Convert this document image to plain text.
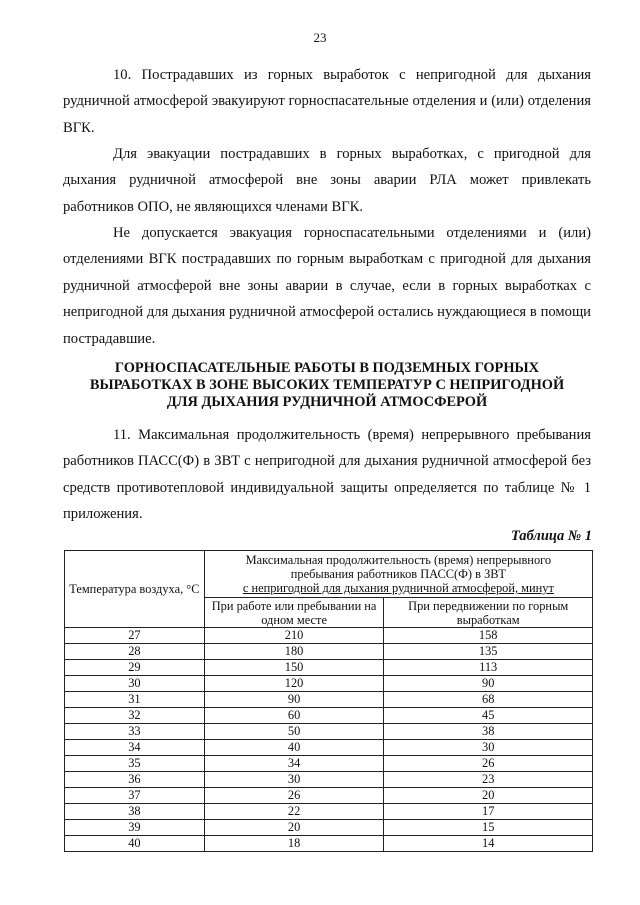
23
10. Пострадавших из горных выработок с непригодной для дыхания рудничной атмосферой эвакуируют горноспасательные отделения и (или) отделения ВГК.
Для эвакуации пострадавших в горных выработках, с пригодной для дыхания рудничной атмосферой вне зоны аварии РЛА может привлекать работников ОПО, не являющихся членами ВГК.
Не допускается эвакуация горноспасательными отделениями и (или) отделениями ВГК пострадавших по горным выработкам с пригодной для дыхания рудничной атмосферой вне зоны аварии в случае, если в горных выработках с непригодной для дыхания рудничной атмосферой остались нуждающиеся в помощи пострадавшие.
ГОРНОСПАСАТЕЛЬНЫЕ РАБОТЫ В ПОДЗЕМНЫХ ГОРНЫХ
ВЫРАБОТКАХ В ЗОНЕ ВЫСОКИХ ТЕМПЕРАТУР С НЕПРИГОДНОЙ
ДЛЯ ДЫХАНИЯ РУДНИЧНОЙ АТМОСФЕРОЙ
11. Максимальная продолжительность (время) непрерывного пребывания работников ПАСС(Ф) в ЗВТ с непригодной для дыхания рудничной атмосферой без средств противотепловой индивидуальной защиты определяется по таблице № 1 приложения.
Таблица № 1
Температура воздуха, °С	Максимальная продолжительность (время) непрерывного
пребывания работников ПАСС(Ф) в ЗВТ
с непригодной для дыхания рудничной атмосферой, минут	

	При работе или пребывании на одном месте	При передвижении по горным выработкам
27	210	158
28	180	135
29	150	113
30	120	90
31	90	68
32	60	45
33	50	38
34	40	30
35	34	26
36	30	23
37	26	20
38	22	17
39	20	15
40	18	14
